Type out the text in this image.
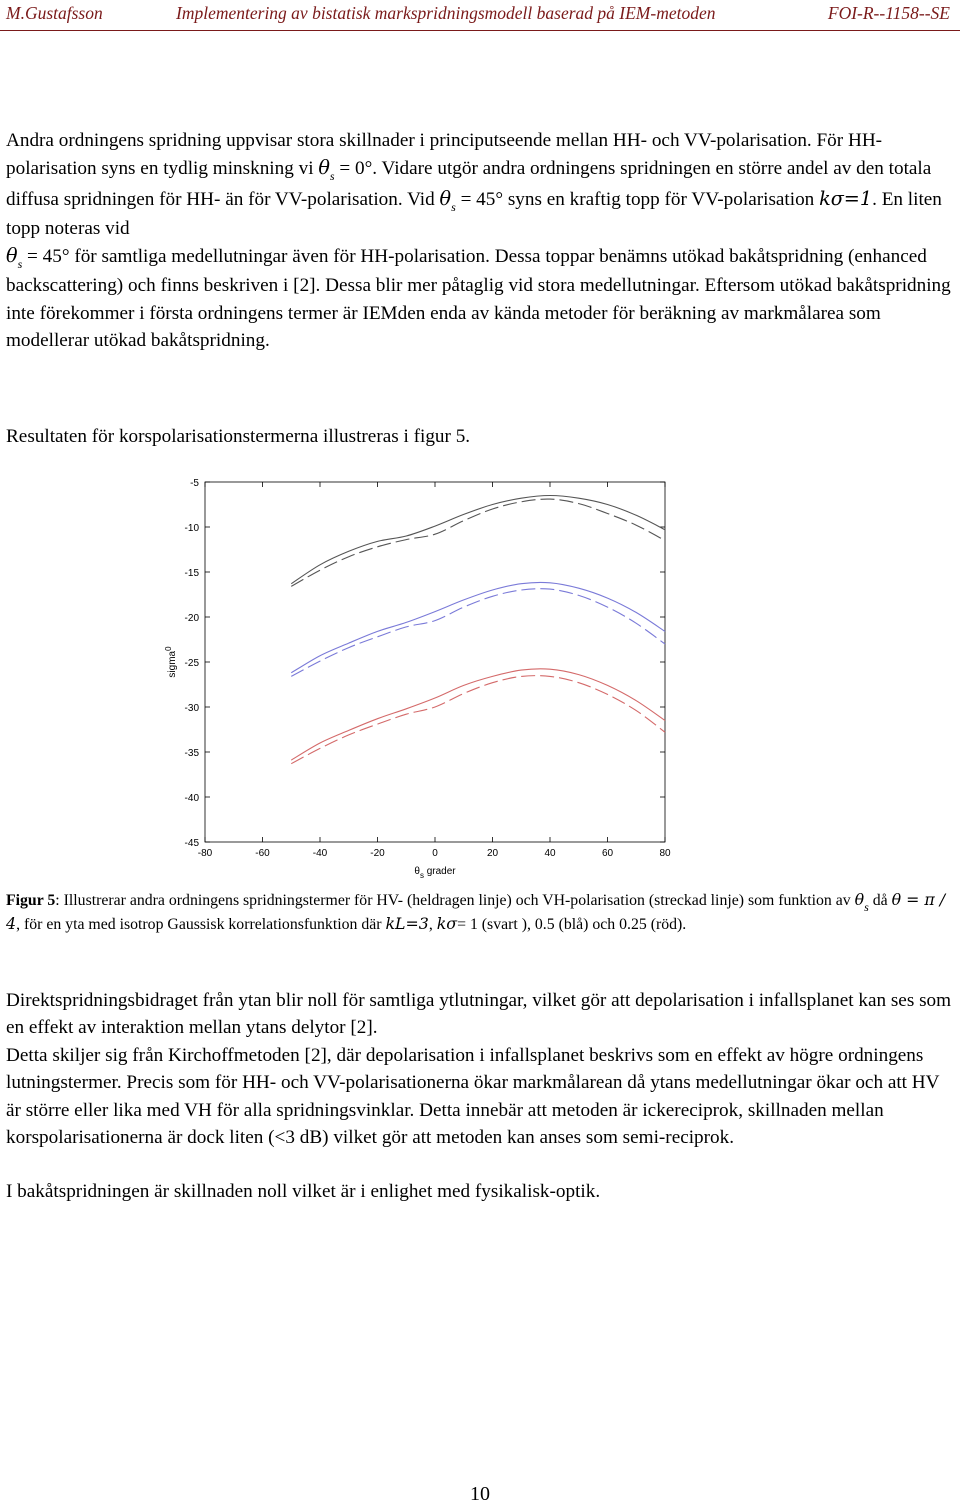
M.Gustafsson	Implementering av bistatisk markspridningsmodell baserad på IEM-metoden	FOI-R--1158--SE

Andra ordningens spridning uppvisar stora skillnader i principutseende mellan HH- och VV-polarisation. För HH-polarisation syns en tydlig minskning vi $\theta_s = 0^\circ$. Vidare utgör andra ordningens spridningen en större andel av den totala diffusa spridningen för HH- än för VV-polarisation. Vid $\theta_s = 45^\circ$ syns en kraftig topp för VV-polarisation kσ=1. En liten topp noteras vid
$\theta_s = 45^\circ$ för samtliga medellutningar även för HH-polarisation. Dessa toppar benämns utökad bakåtspridning (enhanced backscattering) och finns beskriven i [2]. Dessa blir mer påtaglig vid stora medellutningar. Eftersom utökad bakåtspridning inte förekommer i första ordningens termer är IEMden enda av kända metoder för beräkning av markmålarea som modellerar utökad bakåtspridning.

Resultaten för korspolarisationstermerna illustreras i figur 5.

-5
-10
-15
-20
-25
-30
-35
-40
-45
-80	-60	-40	-20	0	20	40	60	80
$\theta_s$ grader
sigma$^0$

Figur 5: Illustrerar andra ordningens spridningstermer för HV- (heldragen linje) och VH-polarisation (streckad linje) som funktion av $\theta_s$ då θ = π / 4, för en yta med isotrop Gaussisk korrelationsfunktion där kL=3, kσ= 1 (svart ), 0.5 (blå) och 0.25 (röd).

Direktspridningsbidraget från ytan blir noll för samtliga ytlutningar, vilket gör att depolarisation i infallsplanet kan ses som en effekt av interaktion mellan ytans delytor [2].

Detta skiljer sig från Kirchoffmetoden [2], där depolarisation i infallsplanet beskrivs som en effekt av högre ordningens lutningstermer. Precis som för HH- och VV-polarisationerna ökar markmålarean då ytans medellutningar ökar och att HV är större eller lika med VH för alla spridningsvinklar. Detta innebär att metoden är ickereciprok, skillnaden mellan korspolarisationerna är dock liten (<3 dB) vilket gör att metoden kan anses som semi-reciprok.

I bakåtspridningen är skillnaden noll vilket är i enlighet med fysikalisk-optik.

10
